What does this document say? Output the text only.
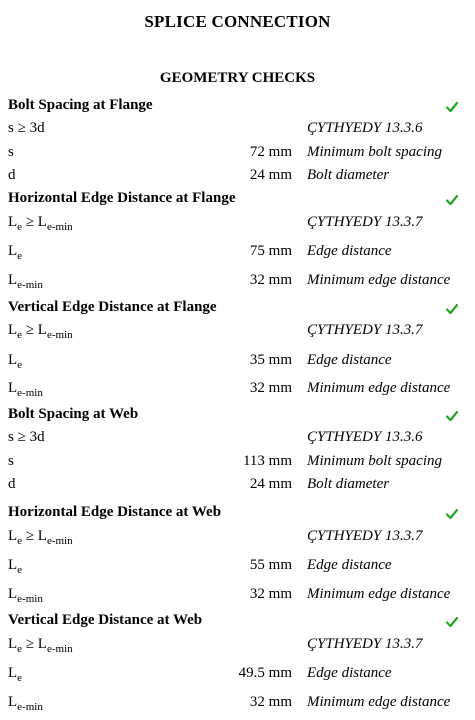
SPLICE CONNECTION
GEOMETRY CHECKS
Bolt Spacing at Flange
s ≥ 3d	ÇYTHYEDY 13.3.6
s	72 mm Minimum bolt spacing
d	24 mm Bolt diameter
Horizontal Edge Distance at Flange
$L_e \ge L_{e-min}$	ÇYTHYEDY 13.3.7
$L_e$	75 mm Edge distance
$L_{e-min}$	32 mm Minimum edge distance
Vertical Edge Distance at Flange
$L_e \ge L_{e-min}$	ÇYTHYEDY 13.3.7
$L_e$	35 mm Edge distance
$L_{e-min}$	32 mm Minimum edge distance
Bolt Spacing at Web
s ≥ 3d	ÇYTHYEDY 13.3.6
s	113 mm Minimum bolt spacing
d	24 mm Bolt diameter
Horizontal Edge Distance at Web
$L_e \ge L_{e-min}$	ÇYTHYEDY 13.3.7
$L_e$	55 mm Edge distance
$L_{e-min}$	32 mm Minimum edge distance
Vertical Edge Distance at Web
$L_e \ge L_{e-min}$	ÇYTHYEDY 13.3.7
$L_e$	49.5 mm Edge distance
$L_{e-min}$	32 mm Minimum edge distance
